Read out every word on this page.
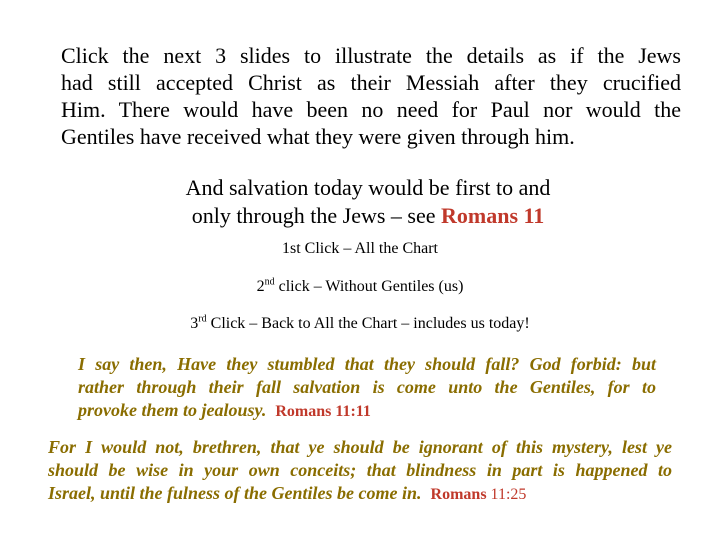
Click the next 3 slides to illustrate the details as if the Jews
had still accepted Christ as their Messiah after they crucified
Him. There would have been no need for Paul nor would the
Gentiles have received what they were given through him.
And salvation today would be first to and
only through the Jews – see Romans 11
1st Click – All the Chart
2nd click – Without Gentiles (us)
3rd Click – Back to All the Chart – includes us today!
I say then, Have they stumbled that they should fall? God forbid: but
rather through their fall salvation is come unto the Gentiles, for to
provoke them to jealousy. Romans 11:11
For I would not, brethren, that ye should be ignorant of this mystery, lest ye
should be wise in your own conceits; that blindness in part is happened to
Israel, until the fulness of the Gentiles be come in. Romans 11:25
